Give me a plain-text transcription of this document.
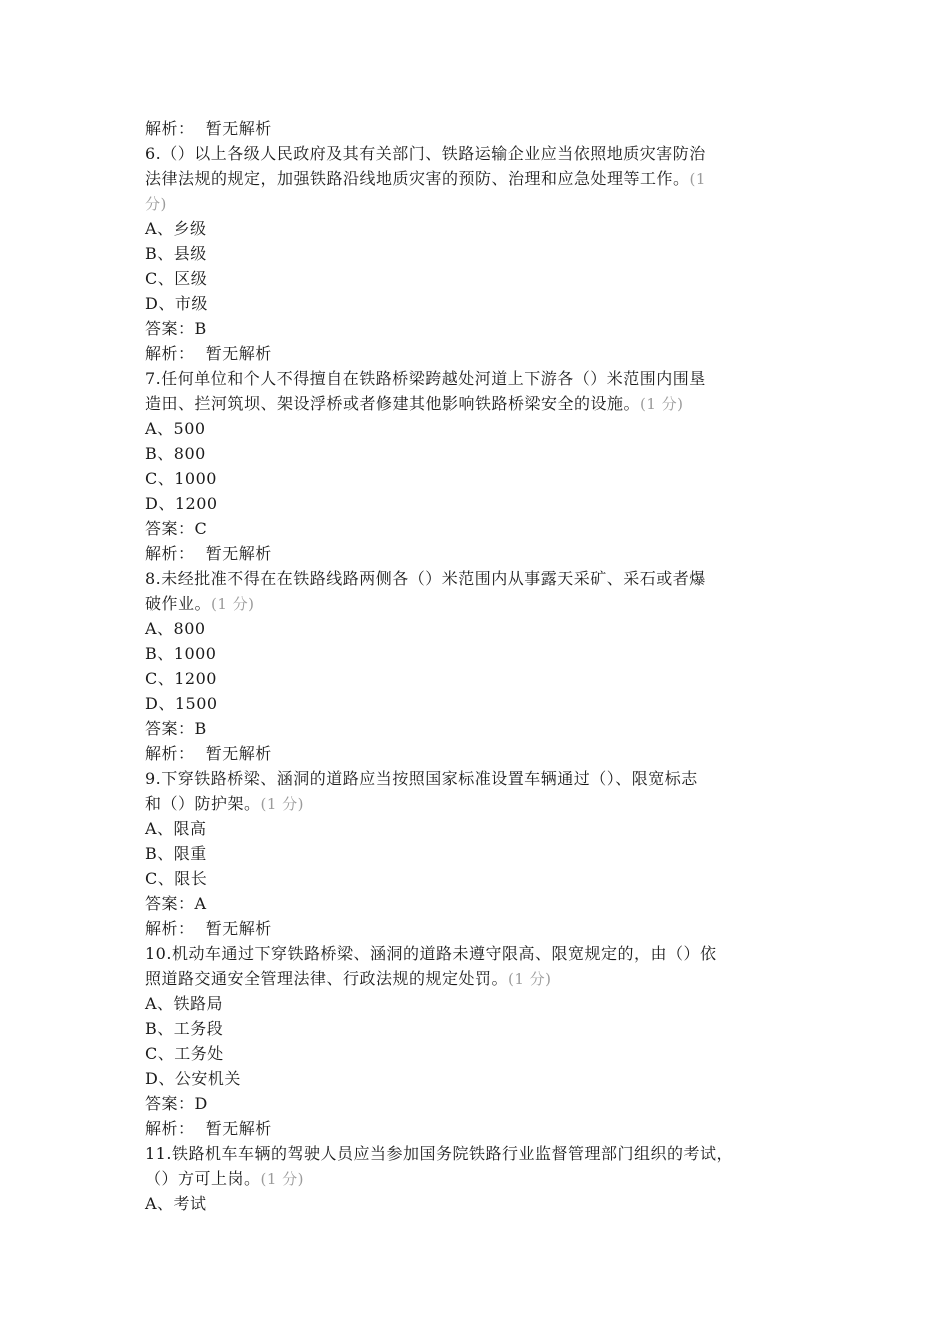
解析： 暂无解析
6.（）以上各级人民政府及其有关部门、铁路运输企业应当依照地质灾害防治
法律法规的规定，加强铁路沿线地质灾害的预防、治理和应急处理等工作。(1
分)
A、乡级
B、县级
C、区级
D、市级
答案：B
解析： 暂无解析
7.任何单位和个人不得擅自在铁路桥梁跨越处河道上下游各（）米范围内围垦
造田、拦河筑坝、架设浮桥或者修建其他影响铁路桥梁安全的设施。(1 分)
A、500
B、800
C、1000
D、1200
答案：C
解析： 暂无解析
8.未经批准不得在在铁路线路两侧各（）米范围内从事露天采矿、采石或者爆
破作业。(1 分)
A、800
B、1000
C、1200
D、1500
答案：B
解析： 暂无解析
9.下穿铁路桥梁、涵洞的道路应当按照国家标准设置车辆通过（）、限宽标志
和（）防护架。(1 分)
A、限高
B、限重
C、限长
答案：A
解析： 暂无解析
10.机动车通过下穿铁路桥梁、涵洞的道路未遵守限高、限宽规定的，由（）依
照道路交通安全管理法律、行政法规的规定处罚。(1 分)
A、铁路局
B、工务段
C、工务处
D、公安机关
答案：D
解析： 暂无解析
11.铁路机车车辆的驾驶人员应当参加国务院铁路行业监督管理部门组织的考试，
（）方可上岗。(1 分)
A、考试
